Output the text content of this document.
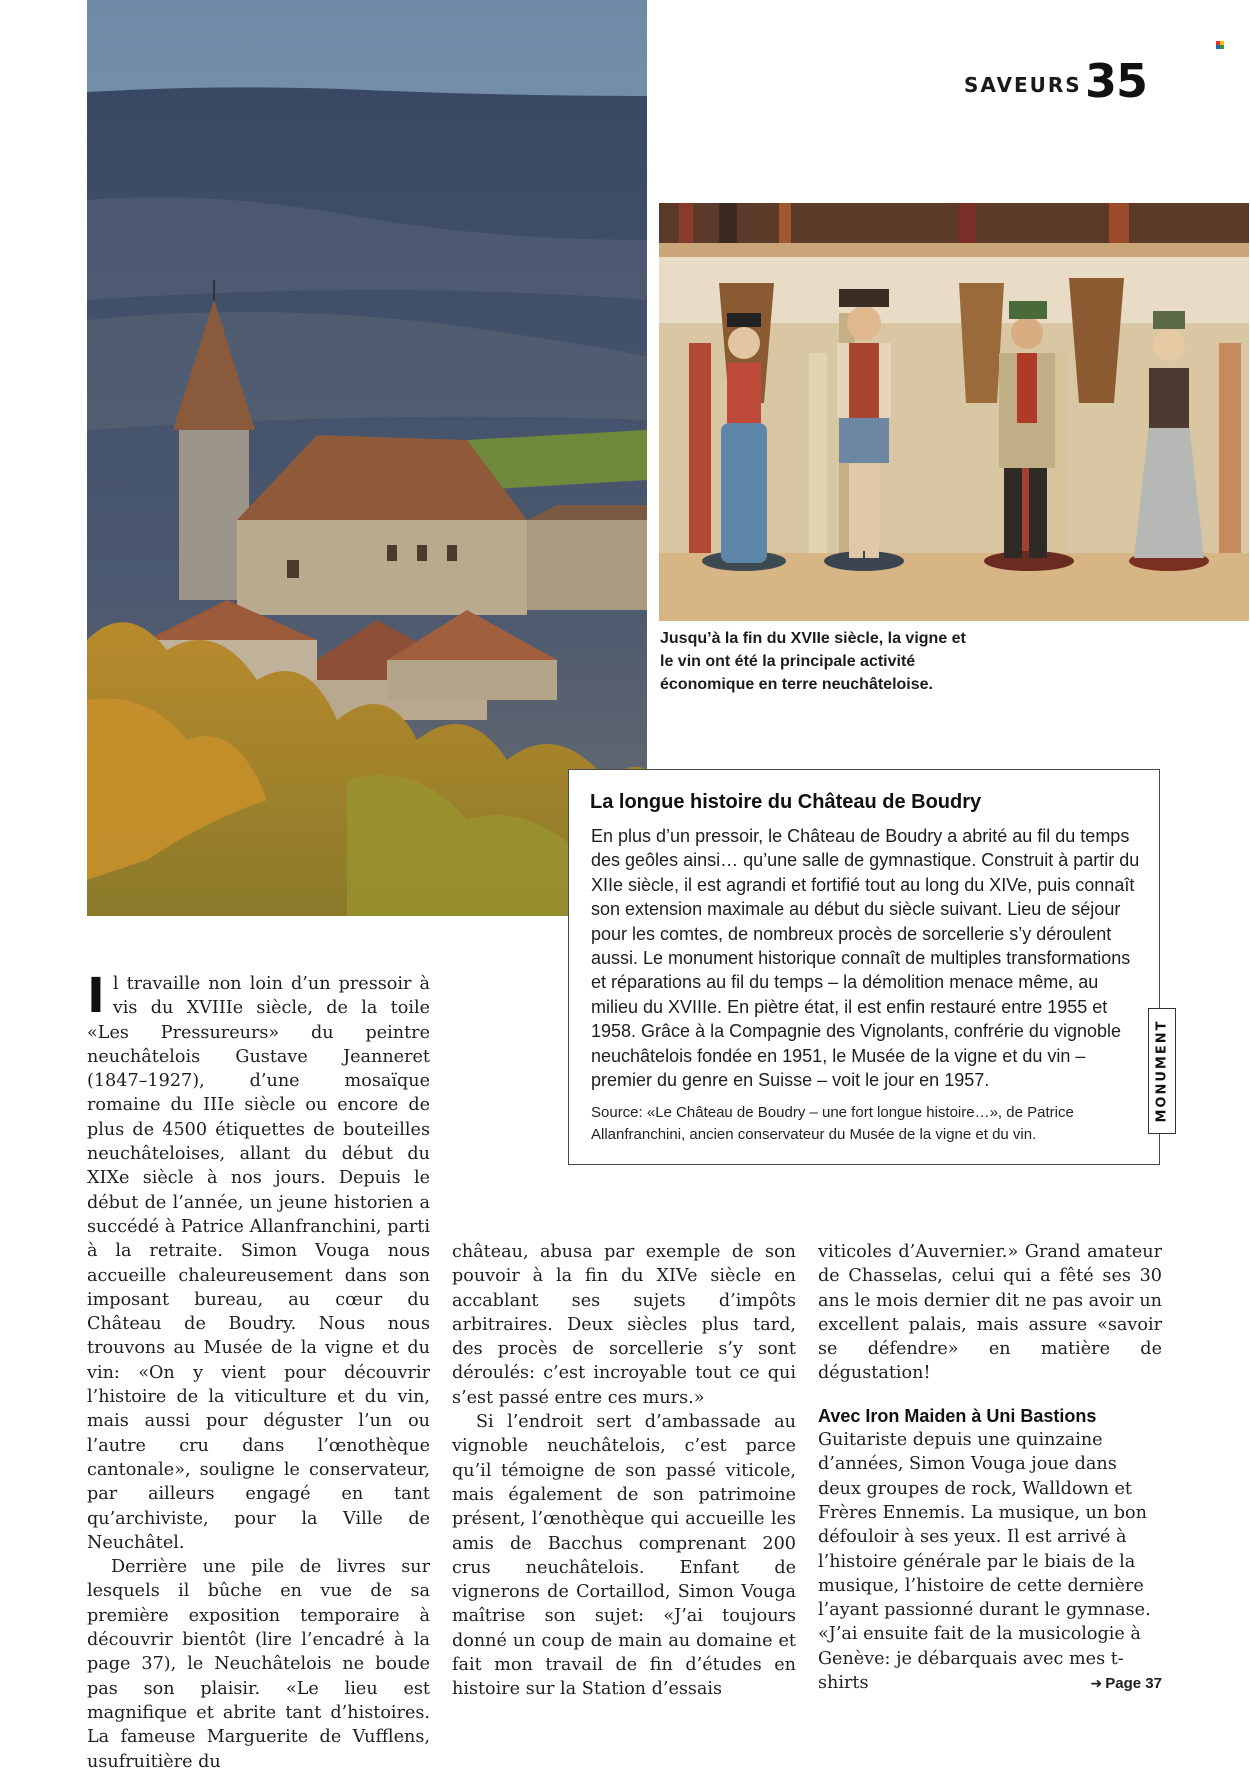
SAVEURS 35
Jusqu’à la fin du XVIIe siècle, la vigne et le vin ont été la principale activité économique en terre neuchâteloise.
La longue histoire du Château de Boudry
En plus d’un pressoir, le Château de Boudry a abrité au fil du temps des geôles ainsi… qu’une salle de gymnastique. Construit à partir du XIIe siècle, il est agrandi et fortifié tout au long du XIVe, puis connaît son extension maximale au début du siècle suivant. Lieu de séjour pour les comtes, de nombreux procès de sorcellerie s’y déroulent aussi. Le monument historique connaît de multiples transformations et réparations au fil du temps – la démolition menace même, au milieu du XVIIIe. En piètre état, il est enfin restauré entre 1955 et 1958. Grâce à la Compagnie des Vignolants, confrérie du vignoble neuchâtelois fondée en 1951, le Musée de la vigne et du vin – premier du genre en Suisse – voit le jour en 1957.
Source: «Le Château de Boudry – une fort longue histoire…», de Patrice Allanfranchini, ancien conservateur du Musée de la vigne et du vin.
MONUMENT

Il travaille non loin d’un pressoir à vis du XVIIIe siècle, de la toile «Les Pressureurs» du peintre neuchâtelois Gustave Jeanneret (1847–1927), d’une mosaïque romaine du IIIe siècle ou encore de plus de 4500 étiquettes de bouteilles neuchâteloises, allant du début du XIXe siècle à nos jours. Depuis le début de l’année, un jeune historien a succédé à Patrice Allanfranchini, parti à la retraite. Simon Vouga nous accueille chaleureusement dans son imposant bureau, au cœur du Château de Boudry. Nous nous trouvons au Musée de la vigne et du vin: «On y vient pour découvrir l’histoire de la viticulture et du vin, mais aussi pour déguster l’un ou l’autre cru dans l’œnothèque cantonale», souligne le conservateur, par ailleurs engagé en tant qu’archiviste, pour la Ville de Neuchâtel.

Derrière une pile de livres sur lesquels il bûche en vue de sa première exposition temporaire à découvrir bientôt (lire l’encadré à la page 37), le Neuchâtelois ne boude pas son plaisir. «Le lieu est magnifique et abrite tant d’histoires. La fameuse Marguerite de Vufflens, usufruitière du

château, abusa par exemple de son pouvoir à la fin du XIVe siècle en accablant ses sujets d’impôts arbitraires. Deux siècles plus tard, des procès de sorcellerie s’y sont déroulés: c’est incroyable tout ce qui s’est passé entre ces murs.»

Si l’endroit sert d’ambassade au vignoble neuchâtelois, c’est parce qu’il témoigne de son passé viticole, mais également de son patrimoine présent, l’œnothèque qui accueille les amis de Bacchus comprenant 200 crus neuchâtelois. Enfant de vignerons de Cortaillod, Simon Vouga maîtrise son sujet: «J’ai toujours donné un coup de main au domaine et fait mon travail de fin d’études en histoire sur la Station d’essais

viticoles d’Auvernier.» Grand amateur de Chasselas, celui qui a fêté ses 30 ans le mois dernier dit ne pas avoir un excellent palais, mais assure «savoir se défendre» en matière de dégustation!

Avec Iron Maiden à Uni Bastions

Guitariste depuis une quinzaine d’années, Simon Vouga joue dans deux groupes de rock, Walldown et Frères Ennemis. La musique, un bon défouloir à ses yeux. Il est arrivé à l’histoire générale par le biais de la musique, l’histoire de cette dernière l’ayant passionné durant le gymnase. «J’ai ensuite fait de la musicologie à Genève: je débarquais avec mes t-shirts	➜ Page 37
